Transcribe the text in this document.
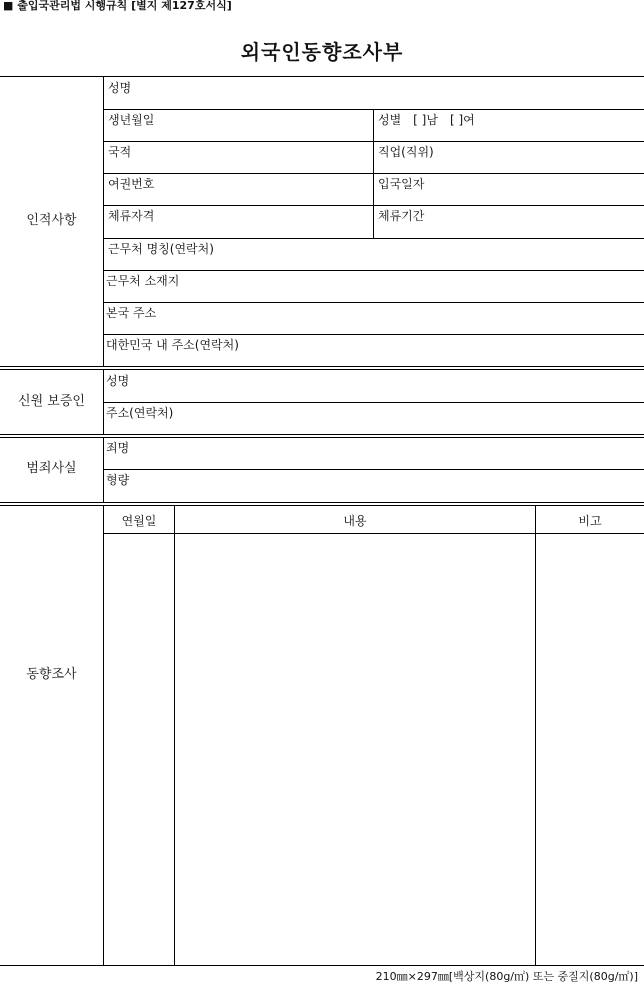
■ 출입국관리법 시행규칙 [별지 제127호서식]
외국인동향조사부
인적사항
성명
생년월일	성별　[ ]남　[ ]여
국적	직업(직위)
여권번호	입국일자
체류자격	체류기간
근무처 명칭(연락처)
근무처 소재지
본국 주소
대한민국 내 주소(연락처)
신원 보증인
성명
주소(연락처)
범죄사실
죄명
형량
동향조사
연월일	내용	비고
210㎜×297㎜[백상지(80g/㎡) 또는 중질지(80g/㎡)]
